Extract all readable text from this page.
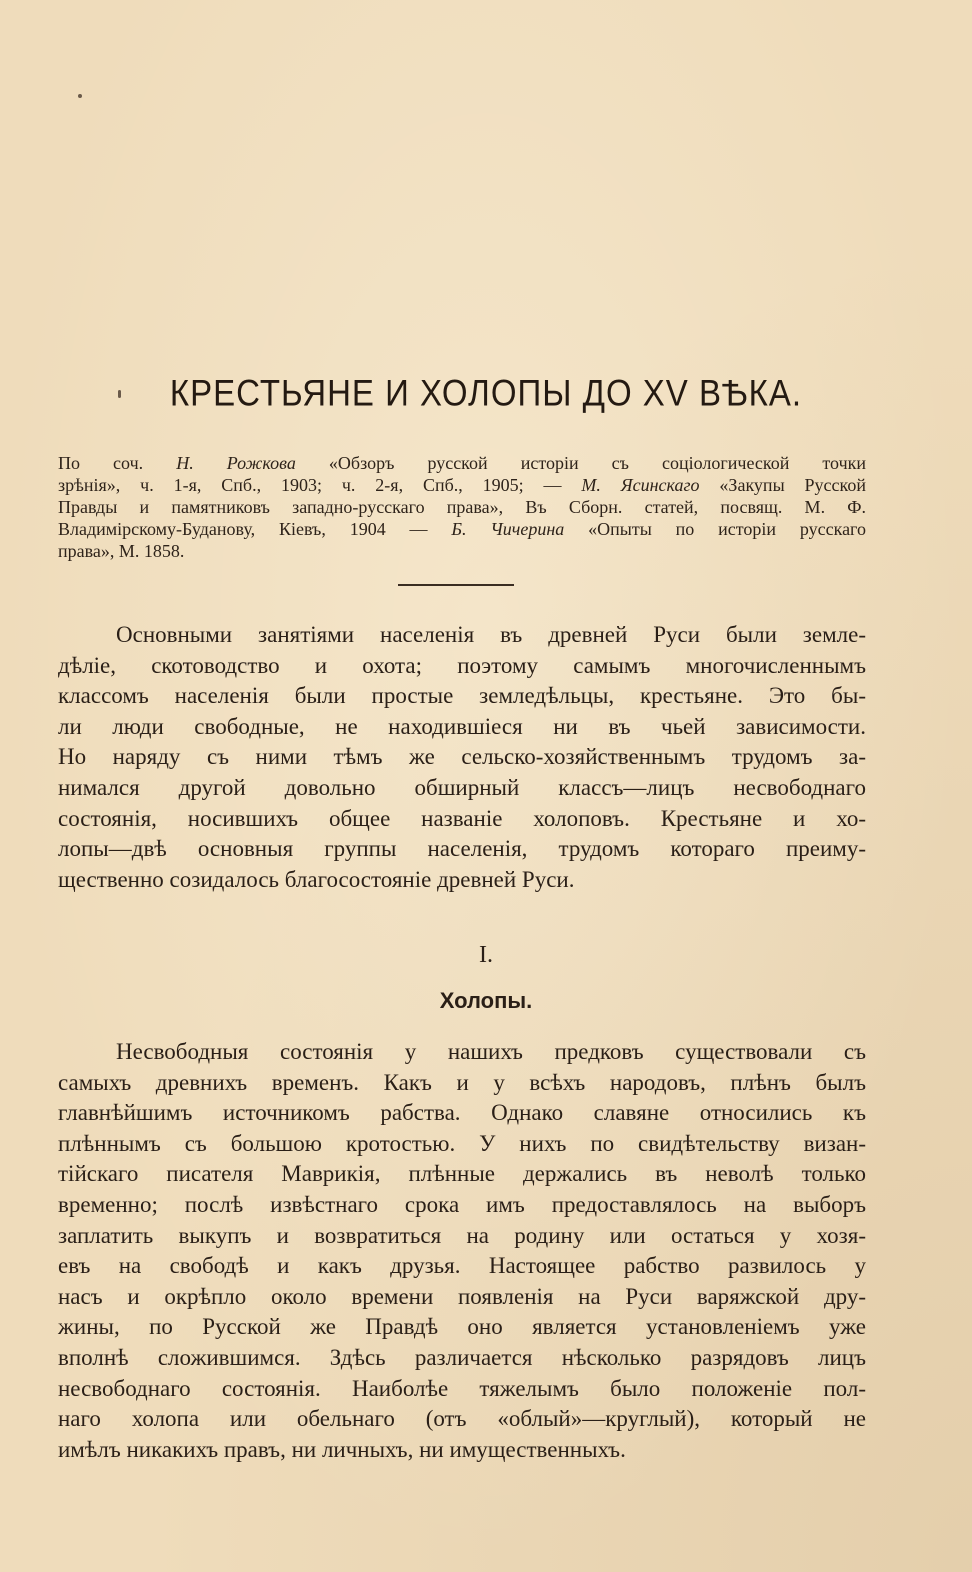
КРЕСТЬЯНЕ И ХОЛОПЫ ДО XV ВѢКА.
По соч. Н. Рожкова «Обзоръ русской исторіи съ соціологической точки
зрѣнія», ч. 1-я, Спб., 1903; ч. 2-я, Спб., 1905; — М. Ясинскаго «Закупы Русской
Правды и памятниковъ западно-русскаго права», Въ Сборн. статей, посвящ. М. Ф.
Владимірскому-Буданову, Кіевъ, 1904 — Б. Чичерина «Опыты по исторіи русскаго
права», М. 1858.
Основными занятіями населенія въ древней Руси были земле-
дѣліе, скотоводство и охота; поэтому самымъ многочисленнымъ
классомъ населенія были простые земледѣльцы, крестьяне. Это бы-
ли люди свободные, не находившіеся ни въ чьей зависимости.
Но наряду съ ними тѣмъ же сельско-хозяйственнымъ трудомъ за-
нимался другой довольно обширный классъ—лицъ несвободнаго
состоянія, носившихъ общее названіе холоповъ. Крестьяне и хо-
лопы—двѣ основныя группы населенія, трудомъ котораго преиму-
щественно созидалось благосостояніе древней Руси.
I.
Холопы.
Несвободныя состоянія у нашихъ предковъ существовали съ
самыхъ древнихъ временъ. Какъ и у всѣхъ народовъ, плѣнъ былъ
главнѣйшимъ источникомъ рабства. Однако славяне относились къ
плѣннымъ съ большою кротостью. У нихъ по свидѣтельству визан-
тійскаго писателя Маврикія, плѣнные держались въ неволѣ только
временно; послѣ извѣстнаго срока имъ предоставлялось на выборъ
заплатить выкупъ и возвратиться на родину или остаться у хозя-
евъ на свободѣ и какъ друзья. Настоящее рабство развилось у
насъ и окрѣпло около времени появленія на Руси варяжской дру-
жины, по Русской же Правдѣ оно является установленіемъ уже
вполнѣ сложившимся. Здѣсь различается нѣсколько разрядовъ лицъ
несвободнаго состоянія. Наиболѣе тяжелымъ было положеніе пол-
наго холопа или обельнаго (отъ «облый»—круглый), который не
имѣлъ никакихъ правъ, ни личныхъ, ни имущественныхъ.
